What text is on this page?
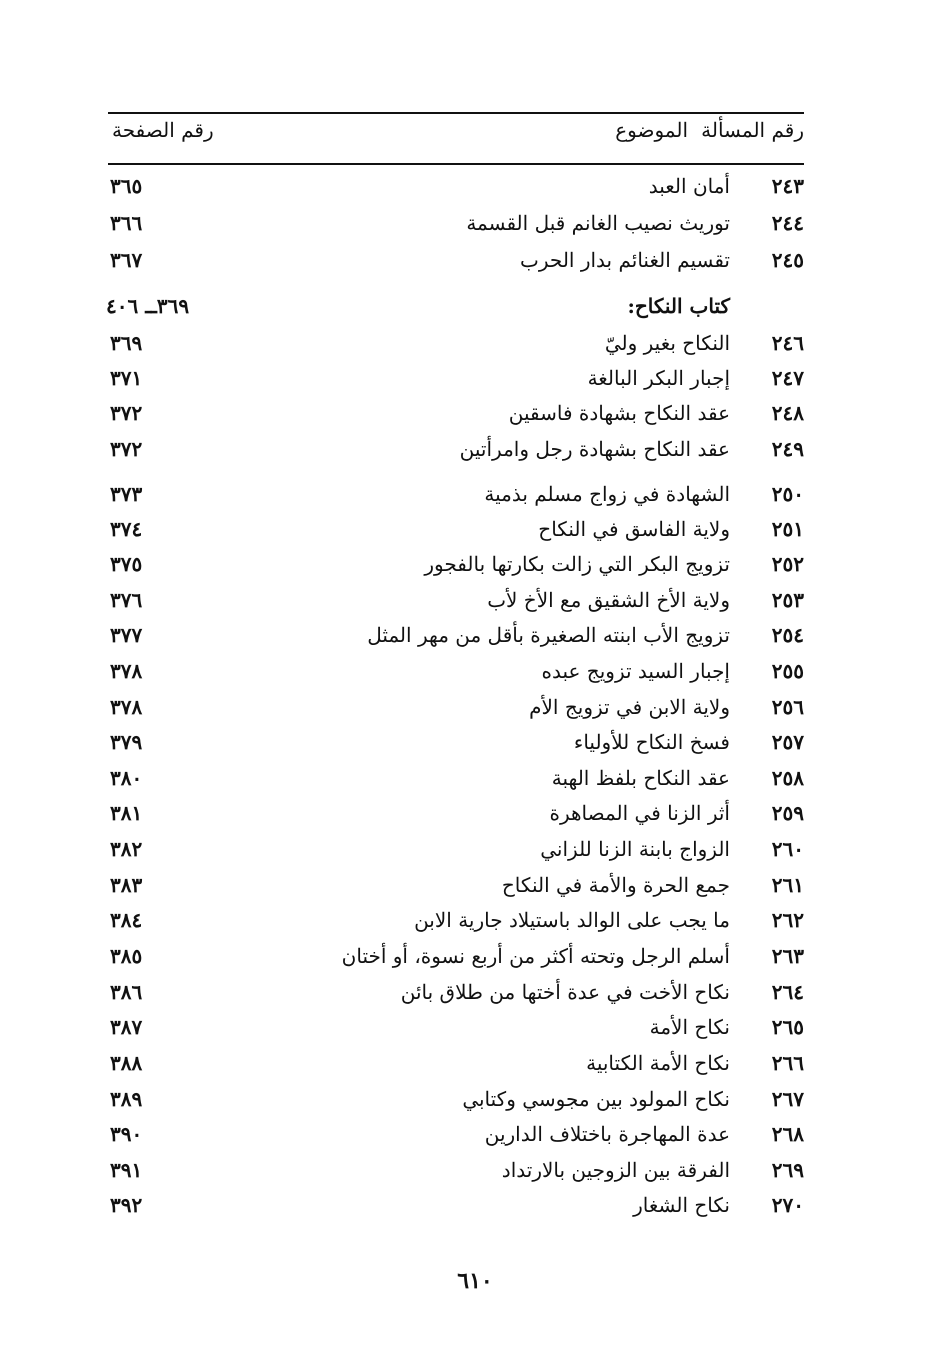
رقم المسألة
الموضوع
رقم الصفحة
٢٤٣
أمان العبد
٣٦٥
٢٤٤
توريث نصيب الغانم قبل القسمة
٣٦٦
٢٤٥
تقسيم الغنائم بدار الحرب
٣٦٧
كتاب النكاح:
٣٦٩ــ ٤٠٦
٢٤٦
النكاح بغير وليّ
٣٦٩
٢٤٧
إجبار البكر البالغة
٣٧١
٢٤٨
عقد النكاح بشهادة فاسقين
٣٧٢
٢٤٩
عقد النكاح بشهادة رجل وامرأتين
٣٧٢
٢٥٠
الشهادة في زواج مسلم بذمية
٣٧٣
٢٥١
ولاية الفاسق في النكاح
٣٧٤
٢٥٢
تزويج البكر التي زالت بكارتها بالفجور
٣٧٥
٢٥٣
ولاية الأخ الشقيق مع الأخ لأب
٣٧٦
٢٥٤
تزويج الأب ابنته الصغيرة بأقل من مهر المثل
٣٧٧
٢٥٥
إجبار السيد تزويج عبده
٣٧٨
٢٥٦
ولاية الابن في تزويج الأم
٣٧٨
٢٥٧
فسخ النكاح للأولياء
٣٧٩
٢٥٨
عقد النكاح بلفظ الهبة
٣٨٠
٢٥٩
أثر الزنا في المصاهرة
٣٨١
٢٦٠
الزواج بابنة الزنا للزاني
٣٨٢
٢٦١
جمع الحرة والأمة في النكاح
٣٨٣
٢٦٢
ما يجب على الوالد باستيلاد جارية الابن
٣٨٤
٢٦٣
أسلم الرجل وتحته أكثر من أربع نسوة، أو أختان
٣٨٥
٢٦٤
نكاح الأخت في عدة أختها من طلاق بائن
٣٨٦
٢٦٥
نكاح الأمة
٣٨٧
٢٦٦
نكاح الأمة الكتابية
٣٨٨
٢٦٧
نكاح المولود بين مجوسي وكتابي
٣٨٩
٢٦٨
عدة المهاجرة باختلاف الدارين
٣٩٠
٢٦٩
الفرقة بين الزوجين بالارتداد
٣٩١
٢٧٠
نكاح الشغار
٣٩٢
٦١٠
